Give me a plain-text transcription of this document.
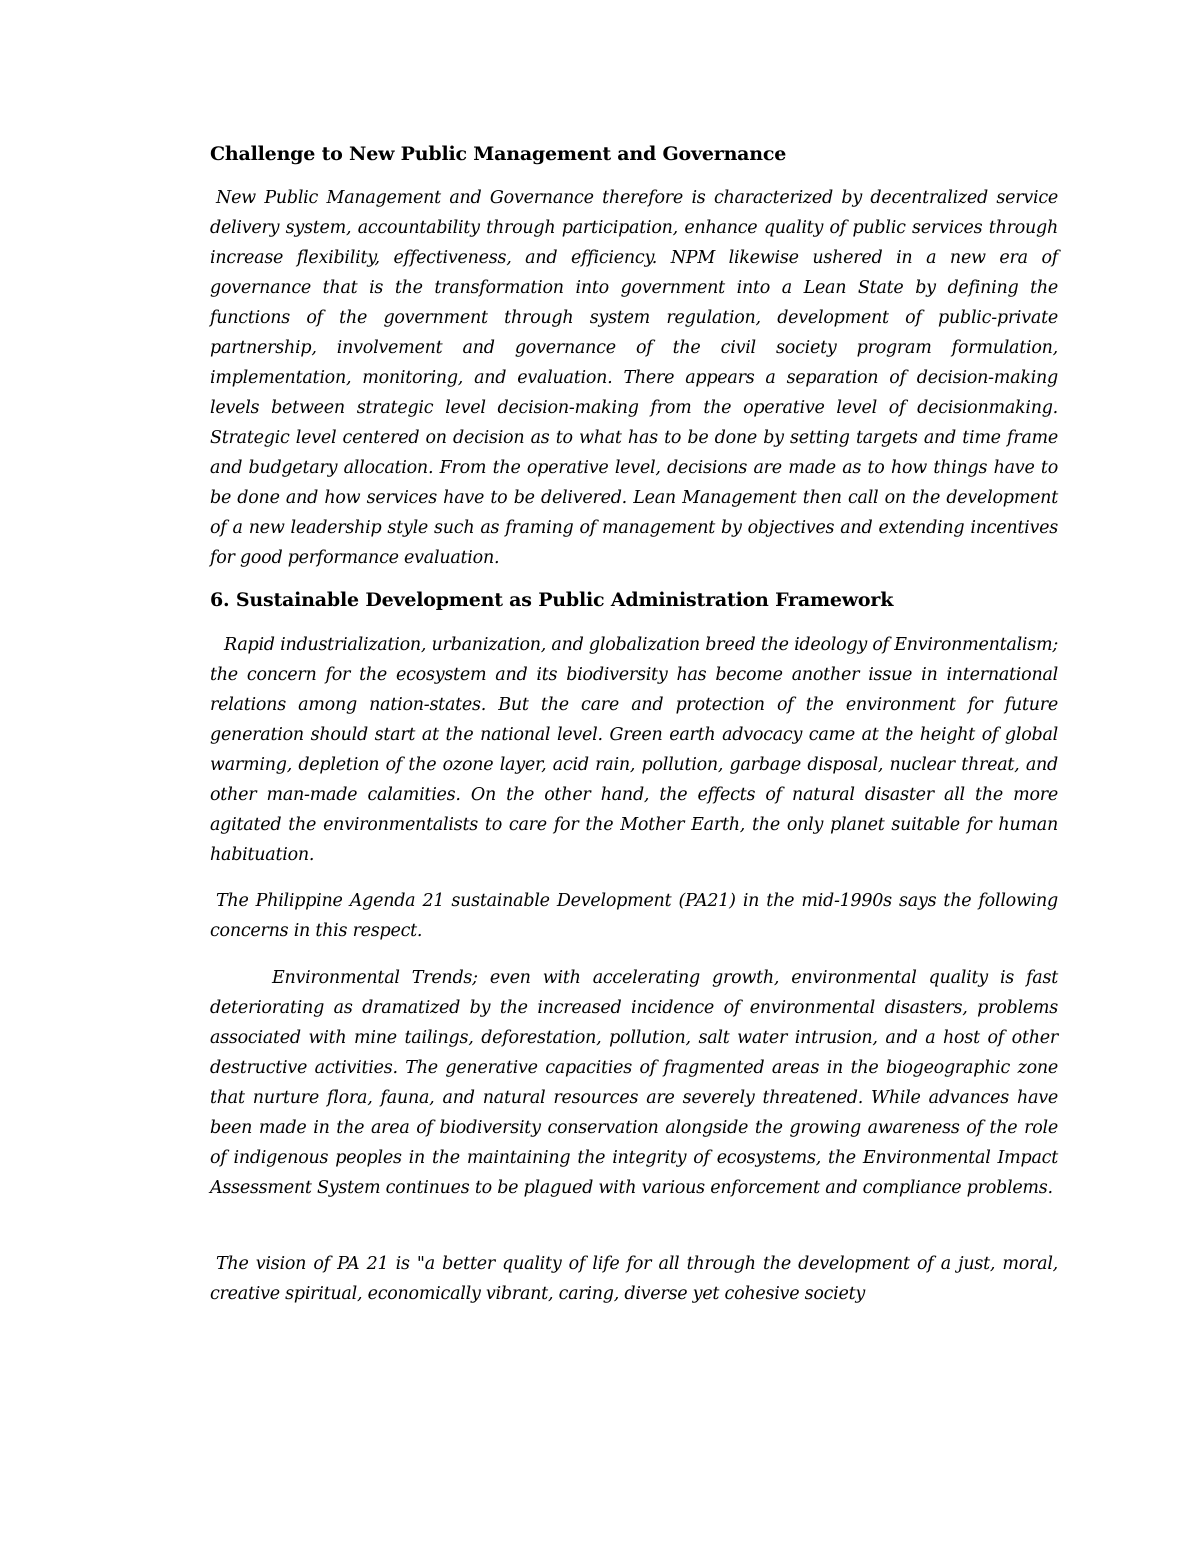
Challenge to New Public Management and Governance

New Public Management and Governance therefore is characterized by decentralized service delivery system, accountability through participation, enhance quality of public services through increase flexibility, effectiveness, and efficiency. NPM likewise ushered in a new era of governance that is the transformation into government into a Lean State by defining the functions of the government through system regulation, development of public-private partnership, involvement and governance of the civil society program formulation, implementation, monitoring, and evaluation. There appears a separation of decision-making levels between strategic level decision-making from the operative level of decisionmaking. Strategic level centered on decision as to what has to be done by setting targets and time frame and budgetary allocation. From the operative level, decisions are made as to how things have to be done and how services have to be delivered. Lean Management then call on the development of a new leadership style such as framing of management by objectives and extending incentives for good performance evaluation.

6. Sustainable Development as Public Administration Framework

Rapid industrialization, urbanization, and globalization breed the ideology of Environmentalism; the concern for the ecosystem and its biodiversity has become another issue in international relations among nation-states. But the care and protection of the environment for future generation should start at the national level. Green earth advocacy came at the height of global warming, depletion of the ozone layer, acid rain, pollution, garbage disposal, nuclear threat, and other man-made calamities. On the other hand, the effects of natural disaster all the more agitated the environmentalists to care for the Mother Earth, the only planet suitable for human habituation.

The Philippine Agenda 21 sustainable Development (PA21) in the mid-1990s says the following concerns in this respect.

Environmental Trends; even with accelerating growth, environmental quality is fast deteriorating as dramatized by the increased incidence of environmental disasters, problems associated with mine tailings, deforestation, pollution, salt water intrusion, and a host of other destructive activities. The generative capacities of fragmented areas in the biogeographic zone that nurture flora, fauna, and natural resources are severely threatened. While advances have been made in the area of biodiversity conservation alongside the growing awareness of the role of indigenous peoples in the maintaining the integrity of ecosystems, the Environmental Impact Assessment System continues to be plagued with various enforcement and compliance problems.

The vision of PA 21 is "a better quality of life for all through the development of a just, moral, creative spiritual, economically vibrant, caring, diverse yet cohesive society
